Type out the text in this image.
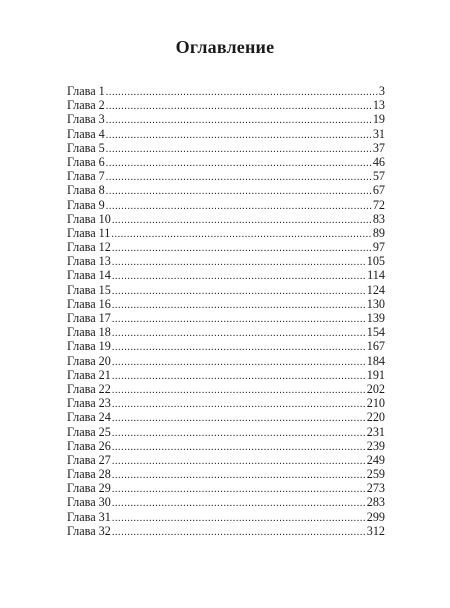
Оглавление
Глава 1 .....	3
Глава 2 .....	13
Глава 3 .....	19
Глава 4 .....	31
Глава 5 .....	37
Глава 6 .....	46
Глава 7 .....	57
Глава 8 .....	67
Глава 9 .....	72
Глава 10 .....	83
Глава 11 .....	89
Глава 12 .....	97
Глава 13 .....	105
Глава 14 .....	114
Глава 15 .....	124
Глава 16 .....	130
Глава 17 .....	139
Глава 18 .....	154
Глава 19 .....	167
Глава 20 .....	184
Глава 21 .....	191
Глава 22 .....	202
Глава 23 .....	210
Глава 24 .....	220
Глава 25 .....	231
Глава 26 .....	239
Глава 27 .....	249
Глава 28 .....	259
Глава 29 .....	273
Глава 30 .....	283
Глава 31 .....	299
Глава 32 .....	312
